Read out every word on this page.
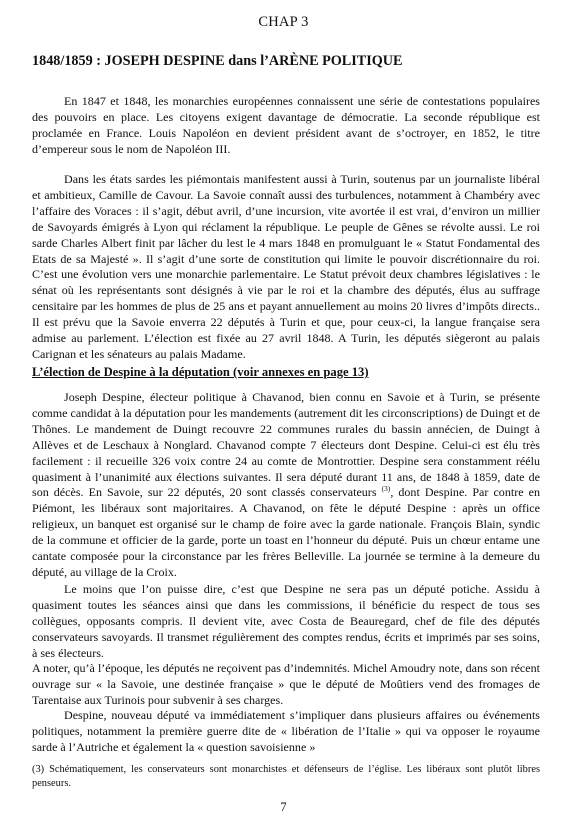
CHAP 3
1848/1859 : JOSEPH DESPINE dans l’ARÈNE POLITIQUE

En 1847 et 1848, les monarchies européennes connaissent une série de contestations populaires des pouvoirs en place. Les citoyens exigent davantage de démocratie. La seconde république est proclamée en France. Louis Napoléon en devient président avant de s’octroyer, en 1852, le titre d’empereur sous le nom de Napoléon III.

Dans les états sardes les piémontais manifestent aussi à Turin, soutenus par un journaliste libéral et ambitieux, Camille de Cavour. La Savoie connaît aussi des turbulences, notamment à Chambéry avec l’affaire des Voraces : il s’agit, début avril, d’une incursion, vite avortée il est vrai, d’environ un millier de Savoyards émigrés à Lyon qui réclament la république. Le peuple de Gênes se révolte aussi. Le roi sarde Charles Albert finit par lâcher du lest le 4 mars 1848 en promulguant le « Statut Fondamental des Etats de sa Majesté ». Il s’agit d’une sorte de constitution qui limite le pouvoir discrétionnaire du roi. C’est une évolution vers une monarchie parlementaire. Le Statut prévoit deux chambres législatives : le sénat où les représentants sont désignés à vie par le roi et la chambre des députés, élus au suffrage censitaire par les hommes de plus de 25 ans et payant annuellement au moins 20 livres d’impôts directs.. Il est prévu que la Savoie enverra 22 députés à Turin et que, pour ceux-ci, la langue française sera admise au parlement. L’élection est fixée au 27 avril 1848. A Turin, les députés siègeront au palais Carignan et les sénateurs au palais Madame.

L’élection de Despine à la députation (voir annexes en page 13)

Joseph Despine, électeur politique à Chavanod, bien connu en Savoie et à Turin, se présente comme candidat à la députation pour les mandements (autrement dit les circonscriptions) de Duingt et de Thônes. Le mandement de Duingt recouvre 22 communes rurales du bassin annécien, de Duingt à Allèves et de Leschaux à Nonglard. Chavanod compte 7 électeurs dont Despine. Celui-ci est élu très facilement : il recueille 326 voix contre 24 au comte de Montrottier. Despine sera constamment réélu quasiment à l’unanimité aux élections suivantes. Il sera député durant 11 ans, de 1848 à 1859, date de son décès. En Savoie, sur 22 députés, 20 sont classés conservateurs $^{(3)}$, dont Despine. Par contre en Piémont, les libéraux sont majoritaires. A Chavanod, on fête le député Despine : après un office religieux, un banquet est organisé sur le champ de foire avec la garde nationale. François Blain, syndic de la commune et officier de la garde, porte un toast en l’honneur du député. Puis un chœur entame une cantate composée pour la circonstance par les frères Belleville. La journée se termine à la demeure du député, au village de la Croix.

Le moins que l’on puisse dire, c’est que Despine ne sera pas un député potiche. Assidu à quasiment toutes les séances ainsi que dans les commissions, il bénéficie du respect de tous ses collègues, opposants compris. Il devient vite, avec Costa de Beauregard, chef de file des députés conservateurs savoyards. Il transmet régulièrement des comptes rendus, écrits et imprimés par ses soins, à ses électeurs.

A noter, qu’à l’époque, les députés ne reçoivent pas d’indemnités. Michel Amoudry note, dans son récent ouvrage sur « la Savoie, une destinée française » que le député de Moûtiers vend des fromages de Tarentaise aux Turinois pour subvenir à ses charges.

Despine, nouveau député va immédiatement s’impliquer dans plusieurs affaires ou événements politiques, notamment la première guerre dite de « libération de l’Italie » qui va opposer le royaume sarde à l’Autriche et également la « question savoisienne »

(3) Schématiquement, les conservateurs sont monarchistes et défenseurs de l’église. Les libéraux sont plutôt libres penseurs.

7
